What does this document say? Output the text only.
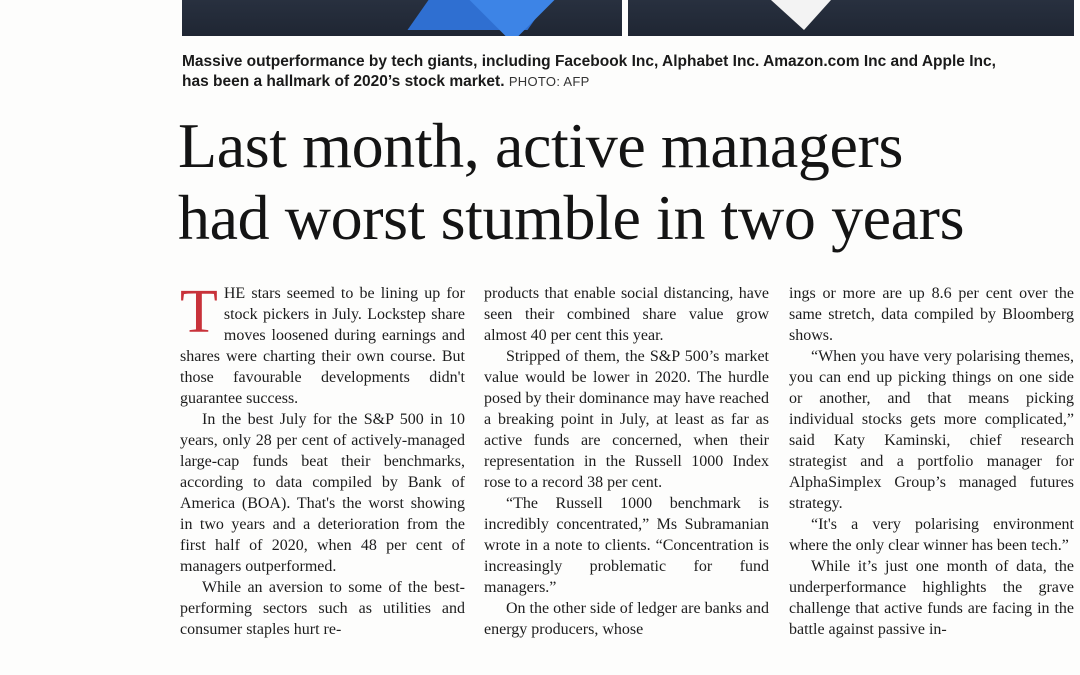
Massive outperformance by tech giants, including Facebook Inc, Alphabet Inc. Amazon.com Inc and Apple Inc, has been a hallmark of 2020’s stock market. PHOTO: AFP
Last month, active managers
had worst stumble in two years

THE stars seemed to be lining up for stock pickers in July. Lockstep share moves loosened during earnings and shares were charting their own course. But those favourable developments didn't guarantee success.

In the best July for the S&P 500 in 10 years, only 28 per cent of actively-managed large-cap funds beat their benchmarks, according to data compiled by Bank of America (BOA). That's the worst showing in two years and a deterioration from the first half of 2020, when 48 per cent of managers outperformed.

While an aversion to some of the best-performing sectors such as utilities and consumer staples hurt re-

products that enable social distancing, have seen their combined share value grow almost 40 per cent this year.

Stripped of them, the S&P 500’s market value would be lower in 2020. The hurdle posed by their dominance may have reached a breaking point in July, at least as far as active funds are concerned, when their representation in the Russell 1000 Index rose to a record 38 per cent.

“The Russell 1000 benchmark is incredibly concentrated,” Ms Subramanian wrote in a note to clients. “Concentration is increasingly problematic for fund managers.”

On the other side of ledger are banks and energy producers, whose

ings or more are up 8.6 per cent over the same stretch, data compiled by Bloomberg shows.

“When you have very polarising themes, you can end up picking things on one side or another, and that means picking individual stocks gets more complicated,” said Katy Kaminski, chief research strategist and a portfolio manager for AlphaSimplex Group’s managed futures strategy.

“It's a very polarising environment where the only clear winner has been tech.”

While it’s just one month of data, the underperformance highlights the grave challenge that active funds are facing in the battle against passive in-
